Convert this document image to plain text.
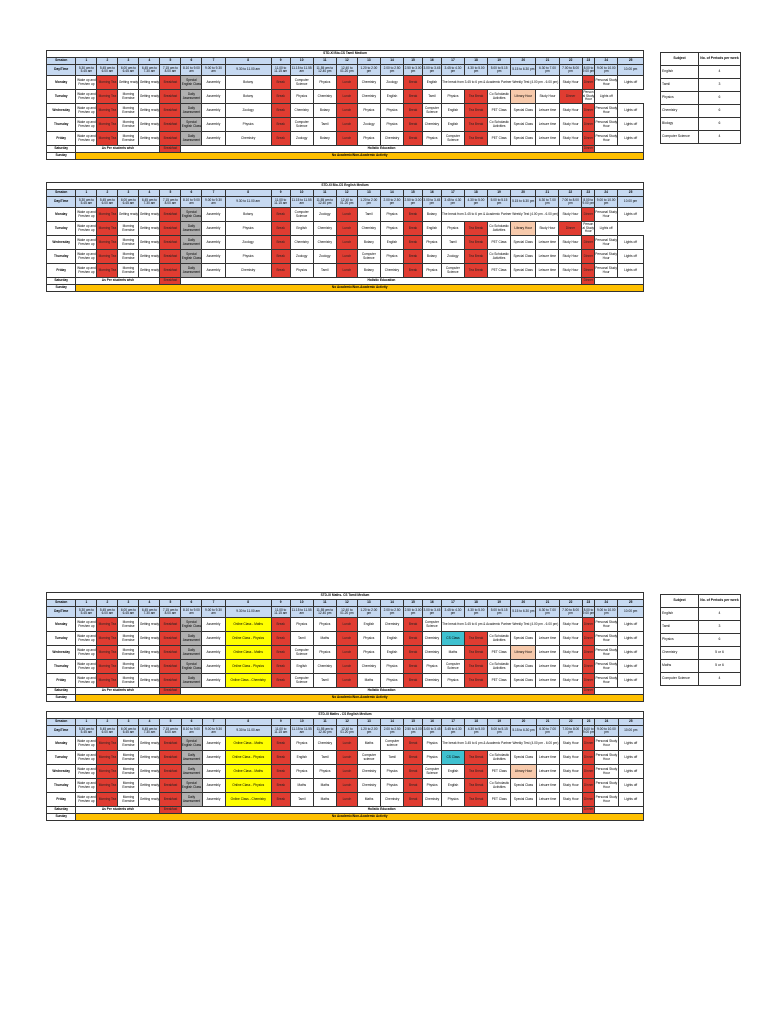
STD-XI Bio-CS Tamil Medium																									
Session	1	2	3	4	5	6	7	8	9	10	11	12	13	14	15	16	17	18	19	20	21	22	23	24	25
Day/Time	5.30 am to 5.45 am	5.45 am to 6.00 am	6.00 am to 6.45 am	6.45 am to 7.30 am	7.15 am to 8.00 am	8.10 to 9.00 am	9.00 to 9.30 am	9.30 to 11.00 am	11.00 to 11.15 am	11.15 to 11.55 am	11.55 am to 12.40 pm	12.40 to 01.20 pm	1.20 to 2.00 pm	2.00 to 2.50 pm	2.50 to 3.00 pm	3.00 to 3.45 pm	3.45 to 4.30 pm	4.30 to 5.00 pm	5.00 to 5.15 pm	5.15 to 6.30 pm	6.30 to 7.00 pm	7.00 to 8.00 pm	8.00 to 9.00 pm	9.00 to 10.00 pm	10.00 pm
Monday	Wake up and Freshen up	Morning Tea	Getting ready	Getting ready	Breakfast	Special English Class	Assembly	Botany	Break	Computer Science	Physics	Lunch	Chemistry	Zoology	Break	English	The break from 3.45 to 6 pm & Academic Partner Weekly Test (4.00 pm - 6.00 pm)					Study Hour	Dinner	Personal Study Hour	Lights off
Tuesday	Wake up and Freshen up	Morning Tea	Morning Exercise	Getting ready	Breakfast	Daily Assessment	Assembly	Botany	Break	Physics	Chemistry	Lunch	Chemistry	English	Break	Tamil	Physics	Tea Break	Co Scholastic Activities	Library Hour	Study Hour	Dinner	Personal Study Hour	Lights off	
Wednesday	Wake up and Freshen up	Morning Tea	Morning Exercise	Getting ready	Breakfast	Daily Assessment	Assembly	Zoology	Break	Chemistry	Botany	Lunch	Physics	Physics	Break	Computer Science	English	Tea Break	PET Class	Special Class	Leisure time	Study Hour	Dinner	Personal Study Hour	Lights off
Thursday	Wake up and Freshen up	Morning Tea	Morning Exercise	Getting ready	Breakfast	Special English Class	Assembly	Physics	Break	Computer Science	Tamil	Lunch	Zoology	Physics	Break	Chemistry	English	Tea Break	Co Scholastic Activities	Special Class	Leisure time	Study Hour	Dinner	Personal Study Hour	Lights off
Friday	Wake up and Freshen up	Morning Tea	Morning Exercise	Getting ready	Breakfast	Daily Assessment	Assembly	Chemistry	Break	Zoology	Botany	Lunch	Physics	Chemistry	Break	Physics	Computer Science	Tea Break	PET Class	Special Class	Leisure time	Study Hour	Dinner	Personal Study Hour	Lights off
Saturday	As Per students wish				Breakfast	Holistic Education																	Dinner		
Sunday	No Academic/Non-Academic Activity																								
STD-XI Bio-CS English Medium																									
Session	1	2	3	4	5	6	7	8	9	10	11	12	13	14	15	16	17	18	19	20	21	22	23	24	25
Day/Time	5.30 am to 5.45 am	5.45 am to 6.00 am	6.00 am to 6.45 am	6.45 am to 7.30 am	7.15 am to 8.00 am	8.10 to 9.00 am	9.00 to 9.30 am	9.30 to 11.00 am	11.00 to 11.15 am	11.15 to 11.55 am	11.55 am to 12.40 pm	12.40 to 01.20 pm	1.20 to 2.00 pm	2.00 to 2.50 pm	2.50 to 3.00 pm	3.00 to 3.45 pm	3.45 to 4.30 pm	4.30 to 5.00 pm	5.00 to 5.15 pm	5.15 to 6.30 pm	6.30 to 7.00 pm	7.00 to 8.00 pm	8.00 to 9.00 pm	9.00 to 10.00 pm	10.00 pm
Monday	Wake up and Freshen up	Morning Tea	Getting ready	Getting ready	Breakfast	Special English Class	Assembly	Botany	Break	Computer Science	Zoology	Lunch	Tamil	Physics	Break	Botany	The break from 3.45 to 6 pm & Academic Partner Weekly Test (4.00 pm - 6.00 pm)					Study Hour	Dinner	Personal Study Hour	Lights off
Tuesday	Wake up and Freshen up	Morning Tea	Morning Exercise	Getting ready	Breakfast	Daily Assessment	Assembly	Physics	Break	English	Chemistry	Lunch	Chemistry	Physics	Break	English	Physics	Tea Break	Co Scholastic Activities	Library Hour	Study Hour	Dinner	Personal Study Hour	Lights off	
Wednesday	Wake up and Freshen up	Morning Tea	Morning Exercise	Getting ready	Breakfast	Daily Assessment	Assembly	Zoology	Break	Chemistry	Chemistry	Lunch	Botany	English	Break	Physics	Tamil	Tea Break	PET Class	Special Class	Leisure time	Study Hour	Dinner	Personal Study Hour	Lights off
Thursday	Wake up and Freshen up	Morning Tea	Morning Exercise	Getting ready	Breakfast	Special English Class	Assembly	Physics	Break	Zoology	Zoology	Lunch	Computer Science	Physics	Break	Botany	Zoology	Tea Break	Co Scholastic Activities	Special Class	Leisure time	Study Hour	Dinner	Personal Study Hour	Lights off
Friday	Wake up and Freshen up	Morning Tea	Morning Exercise	Getting ready	Breakfast	Daily Assessment	Assembly	Chemistry	Break	Physics	Tamil	Lunch	Botany	Chemistry	Break	Physics	Computer Science	Tea Break	PET Class	Special Class	Leisure time	Study Hour	Dinner	Personal Study Hour	Lights off
Saturday	As Per students wish				Breakfast	Holistic Education																	Dinner		
Sunday	No Academic/Non-Academic Activity																								
STD-XI Maths- CS Tamil Medium																									
Session	1	2	3	4	5	6	7	8	9	10	11	12	13	14	15	16	17	18	19	20	21	22	23	24	25
Day/Time	5.30 am to 5.45 am	5.45 am to 6.00 am	6.00 am to 6.45 am	6.45 am to 7.30 am	7.15 am to 8.00 am	8.10 to 9.00 am	9.00 to 9.30 am	9.30 to 11.00 am	11.00 to 11.15 am	11.15 to 11.55 am	11.55 am to 12.40 pm	12.40 to 01.20 pm	1.20 to 2.00 pm	2.00 to 2.50 pm	2.50 to 3.00 pm	3.00 to 3.45 pm	3.45 to 4.30 pm	4.30 to 5.00 pm	5.00 to 5.15 pm	5.15 to 6.30 pm	6.30 to 7.00 pm	7.00 to 8.00 pm	8.00 to 9.00 pm	9.00 to 10.00 pm	10.00 pm
Monday	Wake up and Freshen up	Morning Tea	Morning Exercise	Getting ready	Breakfast	Special English Class	Assembly	Online Class - Maths	Break	Physics	Physics	Lunch	English	Chemistry	Break	Computer Science	The break from 3.45 to 6 pm & Academic Partner Weekly Test (4.00 pm - 6.00 pm)					Study Hour	Dinner	Personal Study Hour	Lights off
Tuesday	Wake up and Freshen up	Morning Tea	Morning Exercise	Getting ready	Breakfast	Daily Assessment	Assembly	Online Class - Physics	Break	Tamil	Maths	Lunch	Physics	English	Break	Chemistry	CS Class	Tea Break	Co Scholastic Activities	Special Class	Leisure time	Study Hour	Dinner	Personal Study Hour	Lights off
Wednesday	Wake up and Freshen up	Morning Tea	Morning Exercise	Getting ready	Breakfast	Daily Assessment	Assembly	Online Class - Maths	Break	Computer Science	Physics	Lunch	Physics	English	Break	Chemistry	Maths	Tea Break	PET Class	Library Hour	Leisure time	Study Hour	Dinner	Personal Study Hour	Lights off
Thursday	Wake up and Freshen up	Morning Tea	Morning Exercise	Getting ready	Breakfast	Special English Class	Assembly	Online Class - Physics	Break	English	Chemistry	Lunch	Chemistry	Physics	Break	Physics	Computer Science	Tea Break	Co Scholastic Activities	Special Class	Leisure time	Study Hour	Dinner	Personal Study Hour	Lights off
Friday	Wake up and Freshen up	Morning Tea	Morning Exercise	Getting ready	Breakfast	Daily Assessment	Assembly	Online Class - Chemistry	Break	Computer Science	Tamil	Lunch	Maths	Physics	Break	Chemistry	Physics	Tea Break	PET Class	Special Class	Leisure time	Study Hour	Dinner	Personal Study Hour	Lights off
Saturday	As Per students wish				Breakfast	Holistic Education																	Dinner		
Sunday	No Academic/Non-Academic Activity																								
STD-XI Maths - CS English Medium																									
Session	1	2	3	4	5	6	7	8	9	10	11	12	13	14	15	16	17	18	19	20	21	22	23	24	25
Day/Time	5.30 am to 5.45 am	5.45 am to 6.00 am	6.00 am to 6.45 am	6.45 am to 7.30 am	7.15 am to 8.00 am	8.10 to 9.00 am	9.00 to 9.30 am	9.30 to 11.00 am	11.00 to 11.15 am	11.15 to 11.55 am	11.55 am to 12.40 pm	12.40 to 01.20 pm	1.20 to 2.00 pm	2.00 to 2.50 pm	2.50 to 3.00 pm	3.00 to 3.45 pm	3.45 to 4.30 pm	4.30 to 5.00 pm	5.00 to 5.15 pm	5.15 to 6.30 pm	6.30 to 7.00 pm	7.00 to 8.00 pm	8.00 to 9.00 pm	9.00 to 10.00 pm	10.00 pm
Monday	Wake up and Freshen up	Morning Tea	Morning Exercise	Getting ready	Breakfast	Special English Class	Assembly	Online Class - Maths	Break	Physics	Chemistry	Lunch	Maths	Computer science	Break	Physics	The break from 3.45 to 6 pm & Academic Partner Weekly Test (4.00 pm - 6.00 pm)					Study Hour	Dinner	Personal Study Hour	Lights off
Tuesday	Wake up and Freshen up	Morning Tea	Morning Exercise	Getting ready	Breakfast	Daily Assessment	Assembly	Online Class - Physics	Break	English	Tamil	Lunch	Computer science	Tamil	Break	Physics	CS Class	Tea Break	Co Scholastic Activities	Special Class	Leisure time	Study Hour	Dinner	Personal Study Hour	Lights off
Wednesday	Wake up and Freshen up	Morning Tea	Morning Exercise	Getting ready	Breakfast	Daily Assessment	Assembly	Online Class - Maths	Break	Physics	Physics	Lunch	Chemistry	Physics	Break	Computer Science	English	Tea Break	PET Class	Library Hour	Leisure time	Study Hour	Dinner	Personal Study Hour	Lights off
Thursday	Wake up and Freshen up	Morning Tea	Morning Exercise	Getting ready	Breakfast	Special English Class	Assembly	Online Class - Physics	Break	Maths	Maths	Lunch	Chemistry	Physics	Break	Physics	English	Tea Break	Co Scholastic Activities	Special Class	Leisure time	Study Hour	Dinner	Personal Study Hour	Lights off
Friday	Wake up and Freshen up	Morning Tea	Morning Exercise	Getting ready	Breakfast	Daily Assessment	Assembly	Online Class - Chemistry	Break	Tamil	Maths	Lunch	Maths	Chemistry	Break	Chemistry	Physics	Tea Break	PET Class	Special Class	Leisure time	Study Hour	Dinner	Personal Study Hour	Lights off
Saturday	As Per students wish				Breakfast	Holistic Education																	Dinner		
Sunday	No Academic/Non-Academic Activity																								
Subject	No. of Periods per week
English	4
Tamil	3
Physics	6
Chemistry	6
Biology	6
Computer Science	4
Subject	No. of Periods per week
English	4
Tamil	3
Physics	6
Chemistry	5 or 6
Maths	5 or 6
Computer Science	4
